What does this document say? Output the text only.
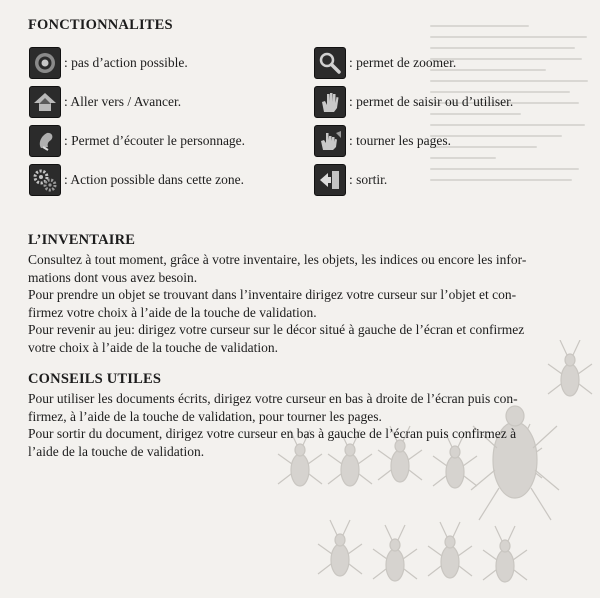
FONCTIONNALITES
: pas d’action possible.
: Aller vers / Avancer.
: Permet d’écouter le personnage.
: Action possible dans cette zone.
: permet de zoomer.
: permet de saisir ou d’utiliser.
: tourner les pages.
: sortir.
L’INVENTAIRE

Consultez à tout moment, grâce à votre inventaire, les objets, les indices ou encore les infor-

mations dont vous avez besoin.

Pour prendre un objet se trouvant dans l’inventaire dirigez votre curseur sur l’objet et con-

firmez votre choix à l’aide de la touche de validation.

Pour revenir au jeu: dirigez votre curseur sur le décor situé à gauche de l’écran et confirmez

votre choix à l’aide de la touche de validation.

CONSEILS UTILES

Pour utiliser les documents écrits, dirigez votre curseur en bas à droite de l’écran puis con-

firmez, à l’aide de la touche de validation, pour tourner les pages.

Pour sortir du document, dirigez votre curseur en bas à gauche de l’écran puis confirmez à

l’aide de la touche de validation.
